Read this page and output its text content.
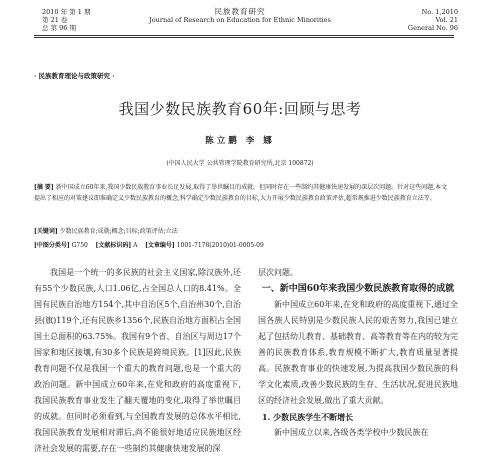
2010 年 第 1 期
第 21 卷
总 第 96 期
民族教育研究
Journal of Research on Education for Ethnic Minorities
No. 1,2010
Vol. 21
General No. 96
· 民族教育理论与政策研究 ·
我国少数民族教育60年:回顾与思考
陈立鹏 李 娜
(中国人民大学 公共管理学院教育研究所,北京 100872)

[摘 要] 新中国成立60年来,我国少数民族教育事业长足发展,取得了举世瞩目的成就。但同时存在一些制约其健康快速发展的深层次问题。针对这些问题,本文提出了相应的对策建议即准确定义少数民族教育的概念,科学确定少数民族教育的目标,大力开展少数民族教育政策评估,超常规推进少数民族教育立法等。

[关键词] 少数民族教育;成就;概念;目标;政策评估;立法
[中图分类号] G750 [文献标识码] A [文章编号] 1001-7178(2010)01-0005-09

我国是一个统一的多民族的社会主义国家,除汉族外,还有55个少数民族,人口1.06亿,占全国总人口的8.41%。全国有民族自治地方154个,其中自治区5个,自治州30个,自治县(旗)119个,还有民族乡1356个,民族自治地方面积占全国国土总面积的63.75%。我国有9个省、自治区与周边17个国家和地区接壤,有30多个民族是跨境民族。[1]因此,民族教育问题不仅是我国一个重大的教育问题,也是一个重大的政治问题。新中国成立60年来,在党和政府的高度重视下,我国民族教育事业发生了翻天覆地的变化,取得了举世瞩目的成就。但同时必须看到,与全国教育发展的总体水平相比,我国民族教育发展相对滞后,尚不能很好地适应民族地区经济社会发展的需要,存在一些制约其健康快速发展的深

层次问题。

一、新中国60年来我国少数民族教育取得的成就

新中国成立60年来,在党和政府的高度重视下,通过全国各族人民特别是少数民族人民的艰苦努力,我国已建立起了包括幼儿教育、基础教育、高等教育等在内的较为完善的民族教育体系,教育规模不断扩大,教育质量显著提高。民族教育事业的快速发展,为提高我国少数民族的科学文化素质,改善少数民族的生存、生活状况,促进民族地区的经济社会发展,做出了重大贡献。

1. 少数民族学生不断增长

新中国成立以来,各级各类学校中少数民族在
